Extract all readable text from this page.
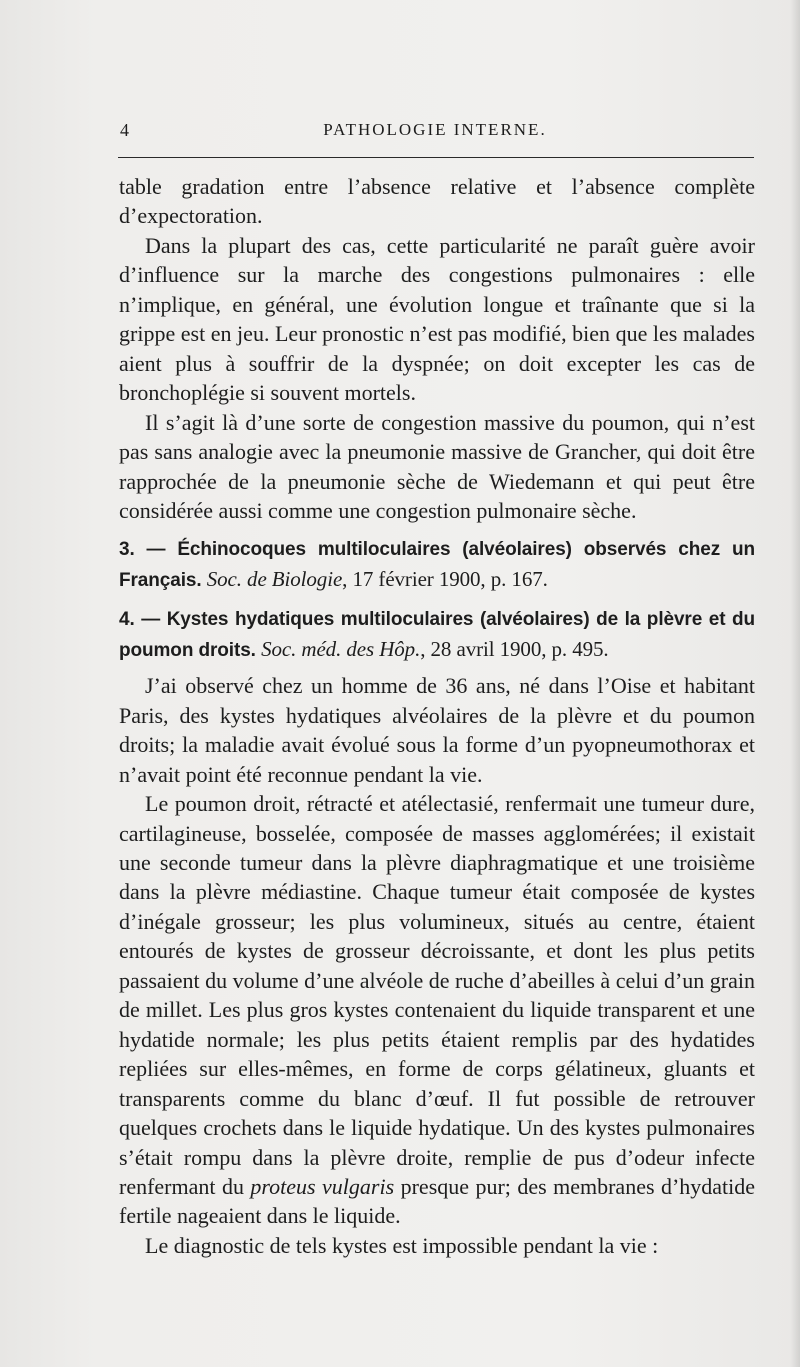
4	PATHOLOGIE INTERNE.

table gradation entre l’absence relative et l’absence complète d’expectoration.

Dans la plupart des cas, cette particularité ne paraît guère avoir d’influence sur la marche des congestions pulmonaires : elle n’implique, en général, une évolution longue et traînante que si la grippe est en jeu. Leur pronostic n’est pas modifié, bien que les malades aient plus à souffrir de la dyspnée; on doit excepter les cas de bronchoplégie si souvent mortels.

Il s’agit là d’une sorte de congestion massive du poumon, qui n’est pas sans analogie avec la pneumonie massive de Grancher, qui doit être rapprochée de la pneumonie sèche de Wiedemann et qui peut être considérée aussi comme une congestion pulmonaire sèche.

3. — Échinocoques multiloculaires (alvéolaires) observés chez un Français. Soc. de Biologie, 17 février 1900, p. 167.

4. — Kystes hydatiques multiloculaires (alvéolaires) de la plèvre et du poumon droits. Soc. méd. des Hôp., 28 avril 1900, p. 495.

J’ai observé chez un homme de 36 ans, né dans l’Oise et habitant Paris, des kystes hydatiques alvéolaires de la plèvre et du poumon droits; la maladie avait évolué sous la forme d’un pyopneumothorax et n’avait point été reconnue pendant la vie.

Le poumon droit, rétracté et atélectasié, renfermait une tumeur dure, cartilagineuse, bosselée, composée de masses agglomérées; il existait une seconde tumeur dans la plèvre diaphragmatique et une troisième dans la plèvre médiastine. Chaque tumeur était composée de kystes d’inégale grosseur; les plus volumineux, situés au centre, étaient entourés de kystes de grosseur décroissante, et dont les plus petits passaient du volume d’une alvéole de ruche d’abeilles à celui d’un grain de millet. Les plus gros kystes contenaient du liquide transparent et une hydatide normale; les plus petits étaient remplis par des hydatides repliées sur elles-mêmes, en forme de corps gélatineux, gluants et transparents comme du blanc d’œuf. Il fut possible de retrouver quelques crochets dans le liquide hydatique. Un des kystes pulmonaires s’était rompu dans la plèvre droite, remplie de pus d’odeur infecte renfermant du proteus vulgaris presque pur; des membranes d’hydatide fertile nageaient dans le liquide.

Le diagnostic de tels kystes est impossible pendant la vie :
